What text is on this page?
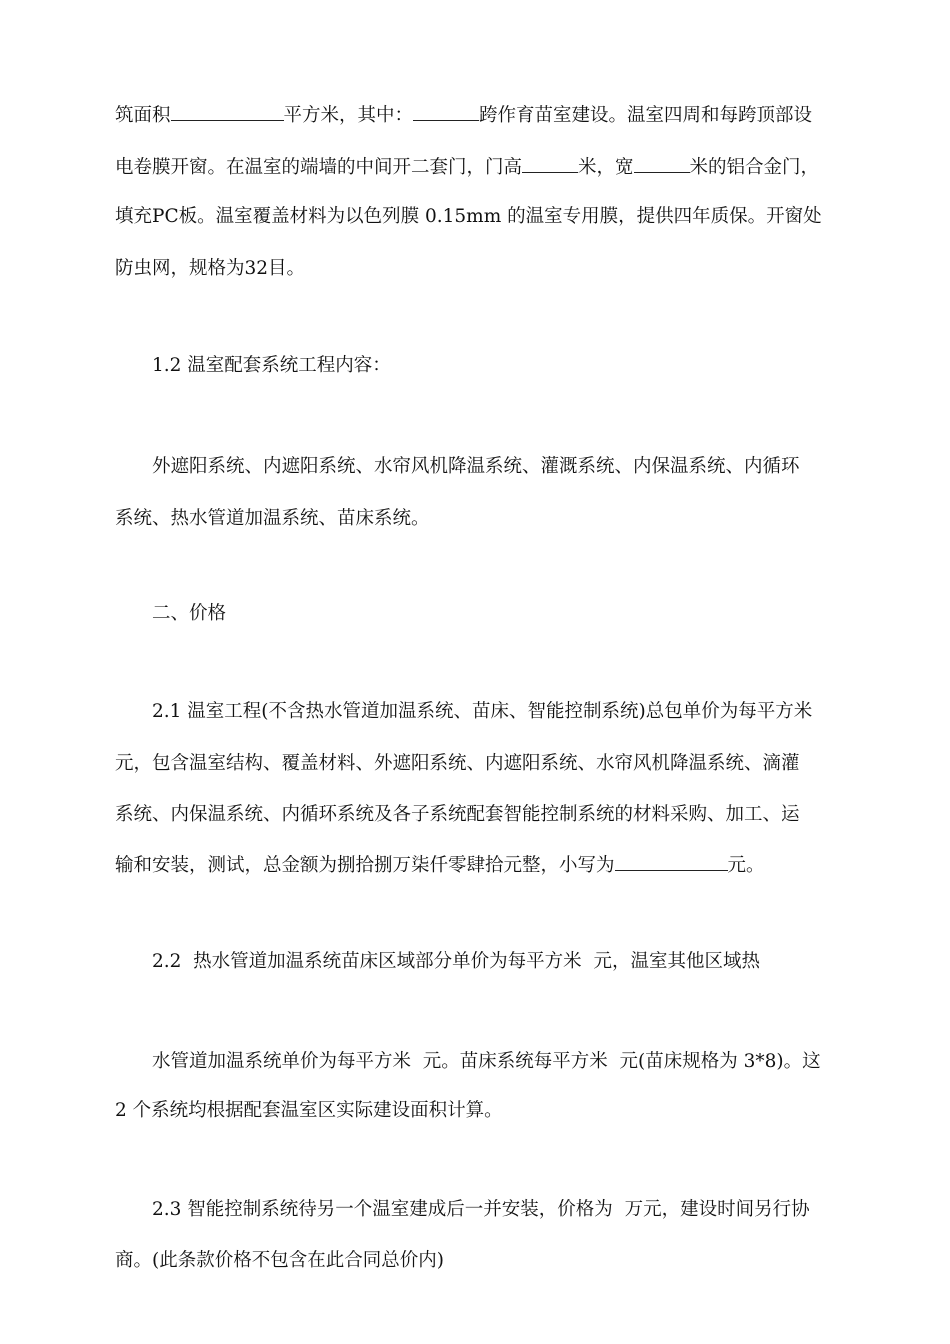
筑面积	平方米，其中：	跨作育苗室建设。温室四周和每跨顶部设
电卷膜开窗。在温室的端墙的中间开二套门，门高	米，宽	米的铝合金门，
填充PC板。温室覆盖材料为以色列膜 0.15mm 的温室专用膜，提供四年质保。开窗处
防虫网，规格为32目。
1.2 温室配套系统工程内容：
外遮阳系统、内遮阳系统、水帘风机降温系统、灌溉系统、内保温系统、内循环
系统、热水管道加温系统、苗床系统。
二、价格
2.1 温室工程(不含热水管道加温系统、苗床、智能控制系统)总包单价为每平方米
元，包含温室结构、覆盖材料、外遮阳系统、内遮阳系统、水帘风机降温系统、滴灌
系统、内保温系统、内循环系统及各子系统配套智能控制系统的材料采购、加工、运
输和安装，测试，总金额为捌拾捌万柒仟零肆拾元整，小写为	元。
2.2  热水管道加温系统苗床区域部分单价为每平方米  元，温室其他区域热
水管道加温系统单价为每平方米  元。苗床系统每平方米  元(苗床规格为 3*8)。这
2 个系统均根据配套温室区实际建设面积计算。
2.3 智能控制系统待另一个温室建成后一并安装，价格为  万元，建设时间另行协
商。(此条款价格不包含在此合同总价内)
